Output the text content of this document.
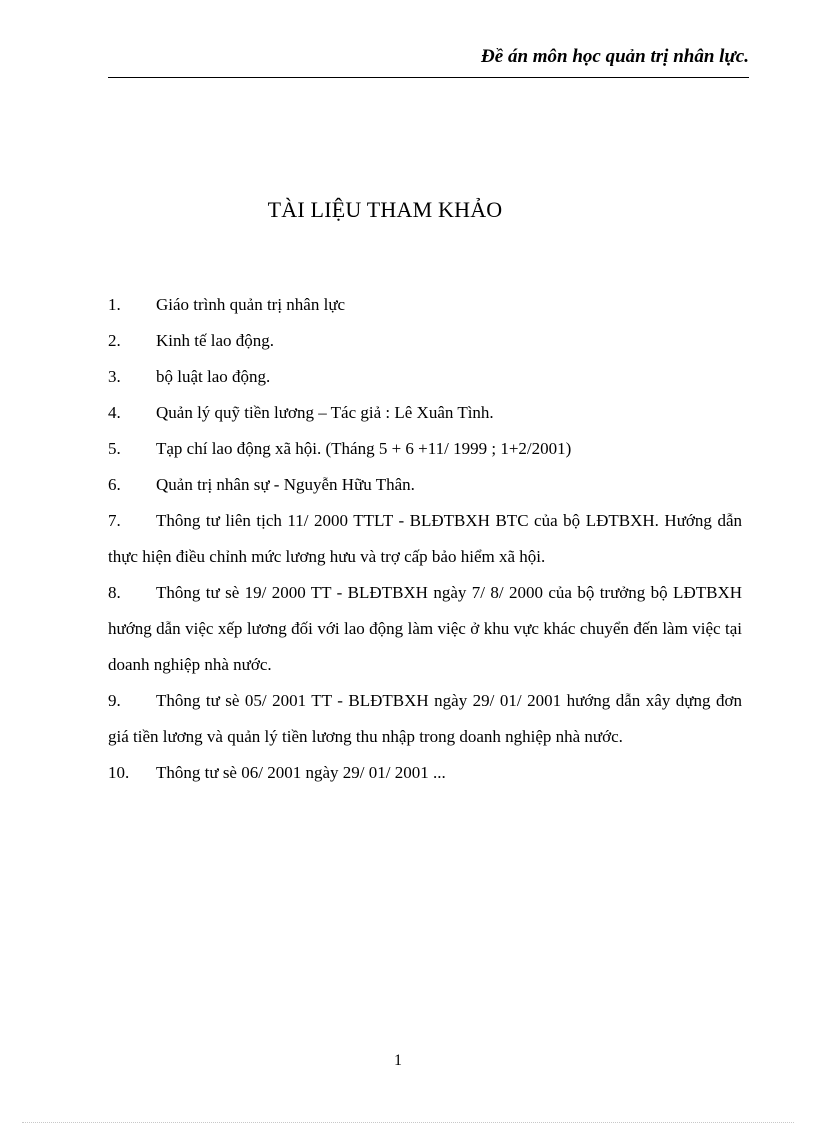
Đề án môn học quản trị nhân lực.
TÀI LIỆU THAM KHẢO
1. Giáo trình quản trị nhân lực
2. Kinh tế lao động.
3. bộ luật lao động.
4. Quản lý quỹ tiền lương – Tác giả : Lê Xuân Tình.
5. Tạp chí lao động xã hội. (Tháng 5 + 6 +11/ 1999 ; 1+2/2001)
6. Quản trị nhân sự - Nguyễn Hữu Thân.
7. Thông tư liên tịch 11/ 2000 TTLT - BLĐTBXH BTC của bộ LĐTBXH. Hướng dẫn thực hiện điều chỉnh mức lương hưu và trợ cấp bảo hiểm xã hội.
8. Thông tư sè 19/ 2000 TT - BLĐTBXH ngày 7/ 8/ 2000 của bộ trưởng bộ LĐTBXH hướng dẫn việc xếp lương đối với lao động làm việc ở khu vực khác chuyển đến làm việc tại doanh nghiệp nhà nước.
9. Thông tư sè 05/ 2001 TT - BLĐTBXH ngày 29/ 01/ 2001 hướng dẫn xây dựng đơn giá tiền lương và quản lý tiền lương thu nhập trong doanh nghiệp nhà nước.
10. Thông tư sè 06/ 2001 ngày 29/ 01/ 2001 ...
1
